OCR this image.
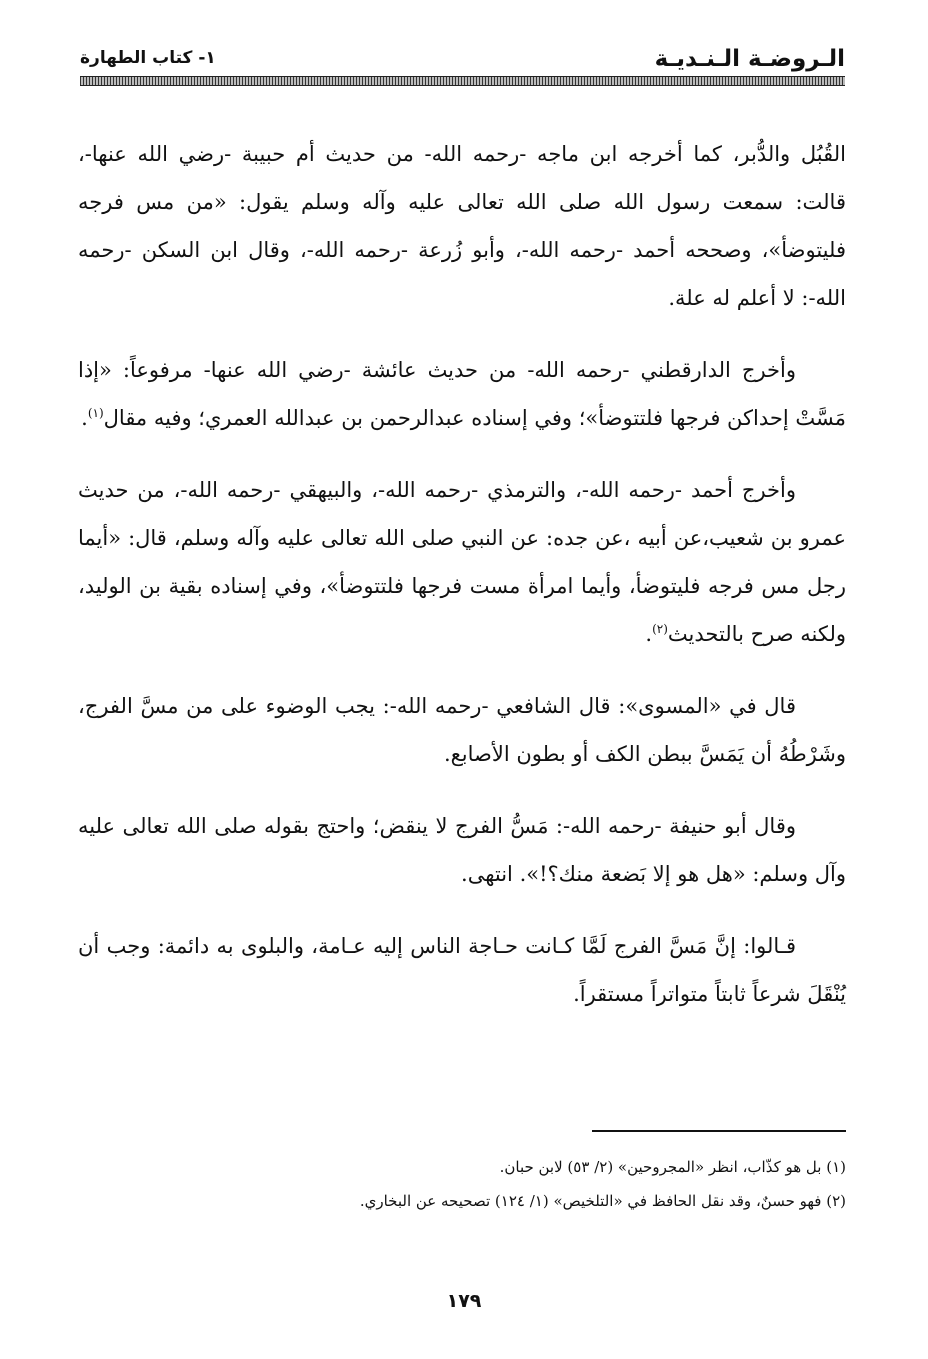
الـروضـة الـنـديـة
١- كتاب الطهارة

القُبُل والدُّبر، كما أخرجه ابن ماجه -رحمه الله- من حديث أم حبيبة -رضي الله عنها-، قالت: سمعت رسول الله صلى الله تعالى عليه وآله وسلم يقول: «من مس فرجه فليتوضأ»، وصححه أحمد -رحمه الله-، وأبو زُرعة -رحمه الله-، وقال ابن السكن -رحمه الله-: لا أعلم له علة.

وأخرج الدارقطني -رحمه الله- من حديث عائشة -رضي الله عنها- مرفوعاً: «إذا مَسَّتْ إحداكن فرجها فلتتوضأ»؛ وفي إسناده عبدالرحمن بن عبدالله العمري؛ وفيه مقال$^{(١)}$.

وأخرج أحمد -رحمه الله-، والترمذي -رحمه الله-، والبيهقي -رحمه الله-، من حديث عمرو بن شعيب،عن أبيه ،عن جده: عن النبي صلى الله تعالى عليه وآله وسلم، قال: «أيما رجل مس فرجه فليتوضأ، وأيما امرأة مست فرجها فلتتوضأ»، وفي إسناده بقية بن الوليد، ولكنه صرح بالتحديث$^{(٢)}$.

قال في «المسوى»: قال الشافعي -رحمه الله-: يجب الوضوء على من مسَّ الفرج، وشَرْطُهُ أن يَمَسَّ ببطن الكف أو بطون الأصابع.

وقال أبو حنيفة -رحمه الله-: مَسُّ الفرج لا ينقض؛ واحتج بقوله صلى الله تعالى عليه وآل وسلم: «هل هو إلا بَضعة منك؟!». انتهى.

قـالوا: إنَّ مَسَّ الفرج لَمَّا كـانت حـاجة الناس إليه عـامة، والبلوى به دائمة: وجب أن يُنْقَلَ شرعاً ثابتاً متواتراً مستقراً.

(١) بل هو كذّاب، انظر «المجروحين» (٢/ ٥٣) لابن حبان.

(٢) فهو حسنٌ، وقد نقل الحافظ في «التلخيص» (١/ ١٢٤) تصحيحه عن البخاري.

١٧٩
